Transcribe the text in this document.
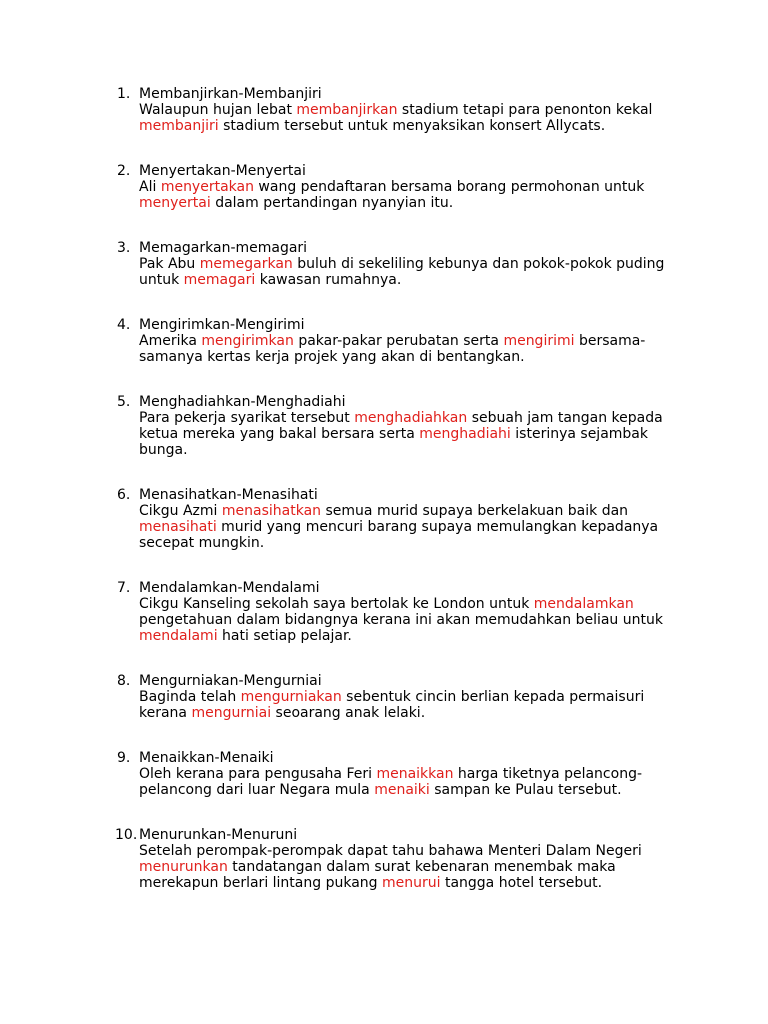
1. Membanjirkan-Membanjiri
Walaupun hujan lebat membanjirkan stadium tetapi para penonton kekal membanjiri stadium tersebut untuk menyaksikan konsert Allycats.
2. Menyertakan-Menyertai
Ali menyertakan wang pendaftaran bersama borang permohonan untuk menyertai dalam pertandingan nyanyian itu.
3. Memagarkan-memagari
Pak Abu memegarkan buluh di sekeliling kebunya dan pokok-pokok puding untuk memagari kawasan rumahnya.
4. Mengirimkan-Mengirimi
Amerika mengirimkan pakar-pakar perubatan serta mengirimi bersama-samanya kertas kerja projek yang akan di bentangkan.
5. Menghadiahkan-Menghadiahi
Para pekerja syarikat tersebut menghadiahkan sebuah jam tangan kepada ketua mereka yang bakal bersara serta menghadiahi isterinya sejambak bunga.
6. Menasihatkan-Menasihati
Cikgu Azmi menasihatkan semua murid supaya berkelakuan baik dan menasihati murid yang mencuri barang supaya memulangkan kepadanya secepat mungkin.
7. Mendalamkan-Mendalami
Cikgu Kanseling sekolah saya bertolak ke London untuk mendalamkan pengetahuan dalam bidangnya kerana ini akan memudahkan beliau untuk mendalami hati setiap pelajar.
8. Mengurniakan-Mengurniai
Baginda telah mengurniakan sebentuk cincin berlian kepada permaisuri kerana mengurniai seoarang anak lelaki.
9. Menaikkan-Menaiki
Oleh kerana para pengusaha Feri menaikkan harga tiketnya pelancong-pelancong dari luar Negara mula menaiki sampan ke Pulau tersebut.
10. Menurunkan-Menuruni
Setelah perompak-perompak dapat tahu bahawa Menteri Dalam Negeri menurunkan tandatangan dalam surat kebenaran menembak maka merekapun berlari lintang pukang menurui tangga hotel tersebut.
